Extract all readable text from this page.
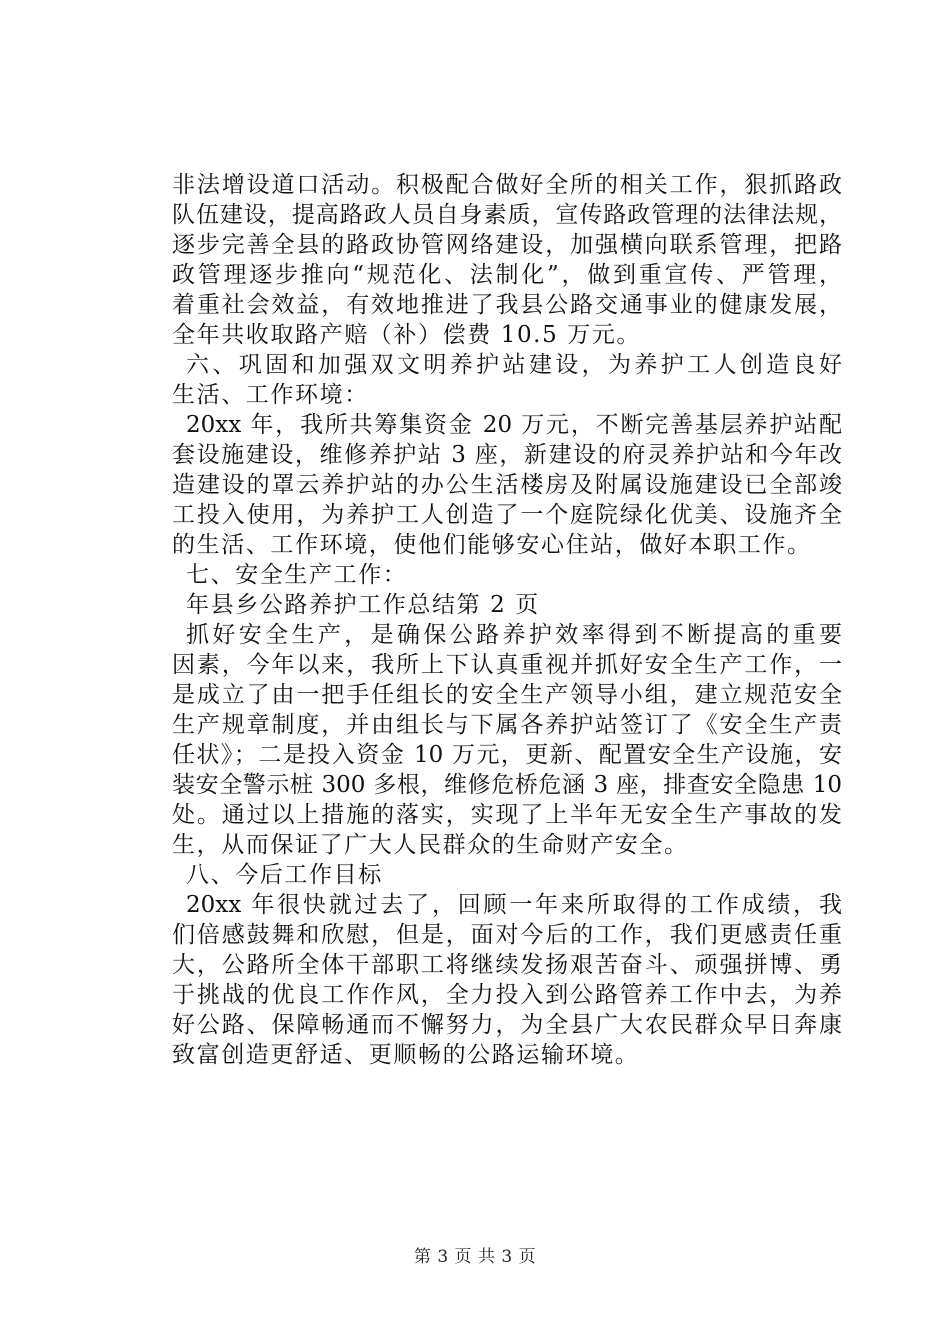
非法增设道口活动。积极配合做好全所的相关工作，狠抓路政
队伍建设，提高路政人员自身素质，宣传路政管理的法律法规，
逐步完善全县的路政协管网络建设，加强横向联系管理，把路
政管理逐步推向“规范化、法制化”，做到重宣传、严管理，
着重社会效益，有效地推进了我县公路交通事业的健康发展，
全年共收取路产赔（补）偿费 10.5 万元。
六、巩固和加强双文明养护站建设，为养护工人创造良好
生活、工作环境：
20xx 年，我所共筹集资金 20 万元，不断完善基层养护站配
套设施建设，维修养护站 3 座，新建设的府灵养护站和今年改
造建设的罩云养护站的办公生活楼房及附属设施建设已全部竣
工投入使用，为养护工人创造了一个庭院绿化优美、设施齐全
的生活、工作环境，使他们能够安心住站，做好本职工作。
七、安全生产工作：
年县乡公路养护工作总结第 2 页
抓好安全生产，是确保公路养护效率得到不断提高的重要
因素，今年以来，我所上下认真重视并抓好安全生产工作，一
是成立了由一把手任组长的安全生产领导小组，建立规范安全
生产规章制度，并由组长与下属各养护站签订了《安全生产责
任状》；二是投入资金 10 万元，更新、配置安全生产设施，安
装安全警示桩 300 多根，维修危桥危涵 3 座，排查安全隐患 10
处。通过以上措施的落实，实现了上半年无安全生产事故的发
生，从而保证了广大人民群众的生命财产安全。
八、今后工作目标
20xx 年很快就过去了，回顾一年来所取得的工作成绩，我
们倍感鼓舞和欣慰，但是，面对今后的工作，我们更感责任重
大，公路所全体干部职工将继续发扬艰苦奋斗、顽强拼博、勇
于挑战的优良工作作风，全力投入到公路管养工作中去，为养
好公路、保障畅通而不懈努力，为全县广大农民群众早日奔康
致富创造更舒适、更顺畅的公路运输环境。
第 3 页 共 3 页
